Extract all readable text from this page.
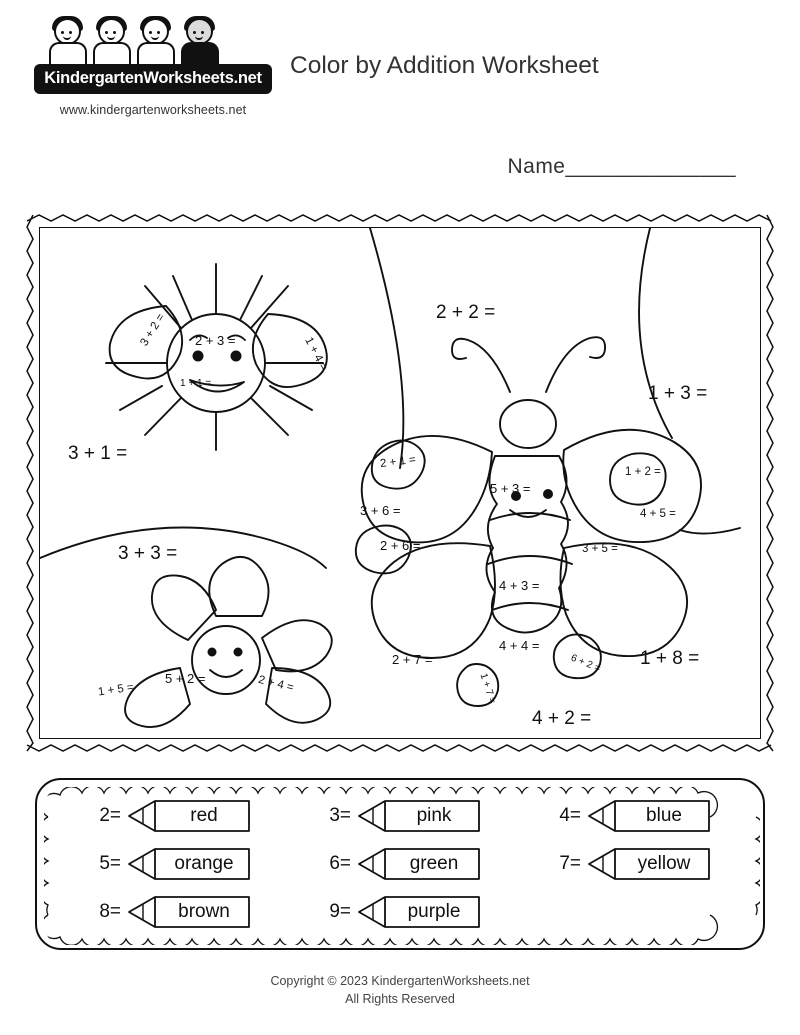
KindergartenWorksheets.net
www.kindergartenworksheets.net
Color by Addition Worksheet
Name______________
3 + 2 = 2 + 3 =	1 + 4 =
1 + 1 =
3 + 1 =
3 + 3 =
1 + 5 =
5 + 2 =	2 + 4 =
2 + 2 =
1 + 3 =
2 + 1 =
5 + 3 =
1 + 2 =
3 + 6 =	4 + 5 =
2 + 6 =	3 + 5 =
4 + 3 =
4 + 4 =
2 + 7 =	6 + 2 = 1 + 8 =
1 + 7 =
4 + 2 =
2=	red	3=	pink	4=	blue
5=	orange	6=	green	7=	yellow
8=	brown	9=	purple
Copyright © 2023 KindergartenWorksheets.net
All Rights Reserved
